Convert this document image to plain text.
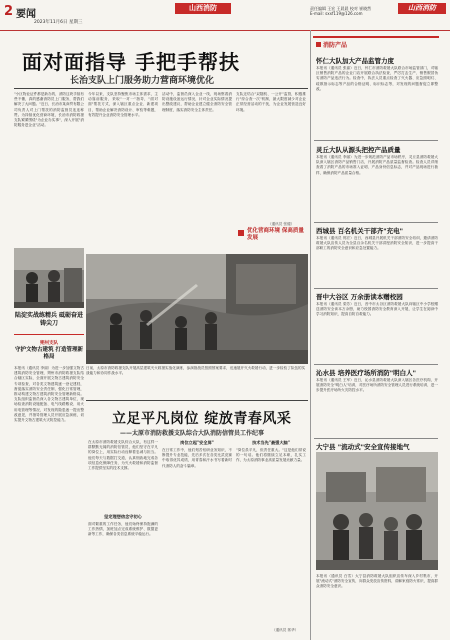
2 要闻
2023年11月6日 星期三
山西消防	责任编辑 王宏 王晨晨 校对 崔晓然
E-mail: sxxf119@126.com
山西消防
面对面指导 手把手帮扶
长治支队上门服务助力营商环境优化
"小区物业证件都是新办的，消防这块手续有些不懂，真的感谢消防员上门服务，帮我们解决了大问题。"近日，长治市某商贸有限公司负责人对上门帮扶的消防监督员连连称赞。为持续优化营商环境，长治市消防救援支队紧紧围绕"为企业办实事"，深入开展"消防服务进企业"活动。
今年以来，支队坚持聚焦市场主体需求，主动靠前服务，采取"一对一"指导，"面对面"帮扶方式，深入辖区重点企业、新建项目，帮助企业解决消防设计、审验等难题，有效提升企业消防安全管理水平。
活动中，监督员深入企业一线，现场察看消防设施设备运行情况，针对企业实际情况提出整改建议，帮助企业建立健全消防安全管理制度，落实消防安全主体责任。
支队还结合"双随机、一公开"监管，积极推行"综合查一次"机制，最大限度减少对企业正常经营活动的干扰，为企业发展营造良好环境。
（通讯员 张健）
优化营商环境 保高质量发展
消防产品
怀仁大队加大产品监管力度
本报讯（通讯员 张嘉）近日，怀仁市消防救援大队联合市场监管部门，对辖区销售消防产品的企业门店开展联合执法检查，严厉打击生产、销售假冒伪劣消防产品违法行为。检查中，执法人员重点检查了灭火器、应急照明灯、疏散指示标志等产品的合格证明、标识标志等，对发现的问题督促立即整改。
灵丘大队从源头把控产品质量
本报讯（通讯员 李丽）为进一步规范消防产品市场秩序，灵丘县消防救援大队深入辖区消防产品销售门店，开展消防产品质量监督检查。检查人员详细查看了消防产品的市场准入证明、产品身份信息标志，并对产品现场进行抽样，确保消防产品质量合格。
西城县 百名机关干部齐"充电"
本报讯（通讯员 郭宏）近日，西城县开展机关干部消防安全培训，邀请消防救援大队宣传人员为全县百余名机关干部讲授消防安全知识，进一步提高干部职工的消防安全意识和应急处置能力。
晋中大谷区 万余册读本赠校园
本报讯（通讯员 梁芳）近日，晋中市太谷区消防救援大队向辖区中小学校赠送消防安全读本万余册，助力校园消防安全教育深入开展，让学生在阅读中学习消防知识，提高自防自救能力。
沁水县 培养医疗场所消防"明白人"
本报讯（通讯员 王军）近日，沁水县消防救援大队深入辖区各医疗机构，开展消防安全"明白人"培训，对医疗场所消防安全管理人员进行系统培训，进一步提升医疗场所火灾防控水平。
大宁县 "流动式"安全宣传接地气
本报讯（通讯员 白雪）大宁县消防救援大队组织宣传车深入乡村集市，开展"流动式"消防安全宣传，向群众发放宣传资料，讲解家庭防火常识，提高群众消防安全意识。
日前，太原市消防救援支队开展高层建筑灭火救援实战化演练，参演指战员按照预案要求，迅速展开灭火救援行动，进一步检验了队伍的实战能力和协同作战水平。
陆淀实战练精兵 砥砺奋进铸尖刀
朔州支队
守护文物古建筑 打造管理新格局
本报讯（通讯员 李丽）为进一步加强文物古建筑消防安全管理，朔州市消防救援支队结合辖区实际，全面开展文物古建筑消防安全专项检查，对各类文物建筑逐一登记建档，督促落实消防安全责任制，强化日常管理，推动构建文物古建筑消防安全管理新格局。支队组织监督员深入各文物古建筑单位，现场检查消防设施配备、电气线路敷设、用火用电管理等情况，对发现的隐患逐一提出整改意见，并指导管理人员开展应急演练，切实提升文物古建筑火灾防控能力。	立足平凡岗位 绽放青春风采
——太原市消防救援支队综合大队消防信管员工作纪事
在太原市消防救援支队综合大队，有这样一群默默无闻的消防信管员，他们坚守在平凡的岗位上，用实际行动诠释着忠诚与担当。他们每天与数据打交道，认真细致地完成各项信息化保障任务，为灭火救援和消防监督工作提供坚实的技术支撑。
坚定理想信念守初心
面对繁重的工作任务，他们始终保持饱满的工作热情，加班加点完成系统维护、数据更新等工作，确保各类信息系统平稳运行。
岗位立起"安全屏"
在日常工作中，他们刻苦钻研业务知识，不断提升专业技能，先后多次在各类比武竞赛中取得优异成绩，用青春和汗水书写着新时代消防人的奋斗篇章。
技术当先"最强大脑"
"岗位虽平凡，但责任重大。"这是他们常说的一句话。他们将继续立足本职，扎实工作，为太原消防事业高质量发展贡献力量。
（通讯员 郭华）
